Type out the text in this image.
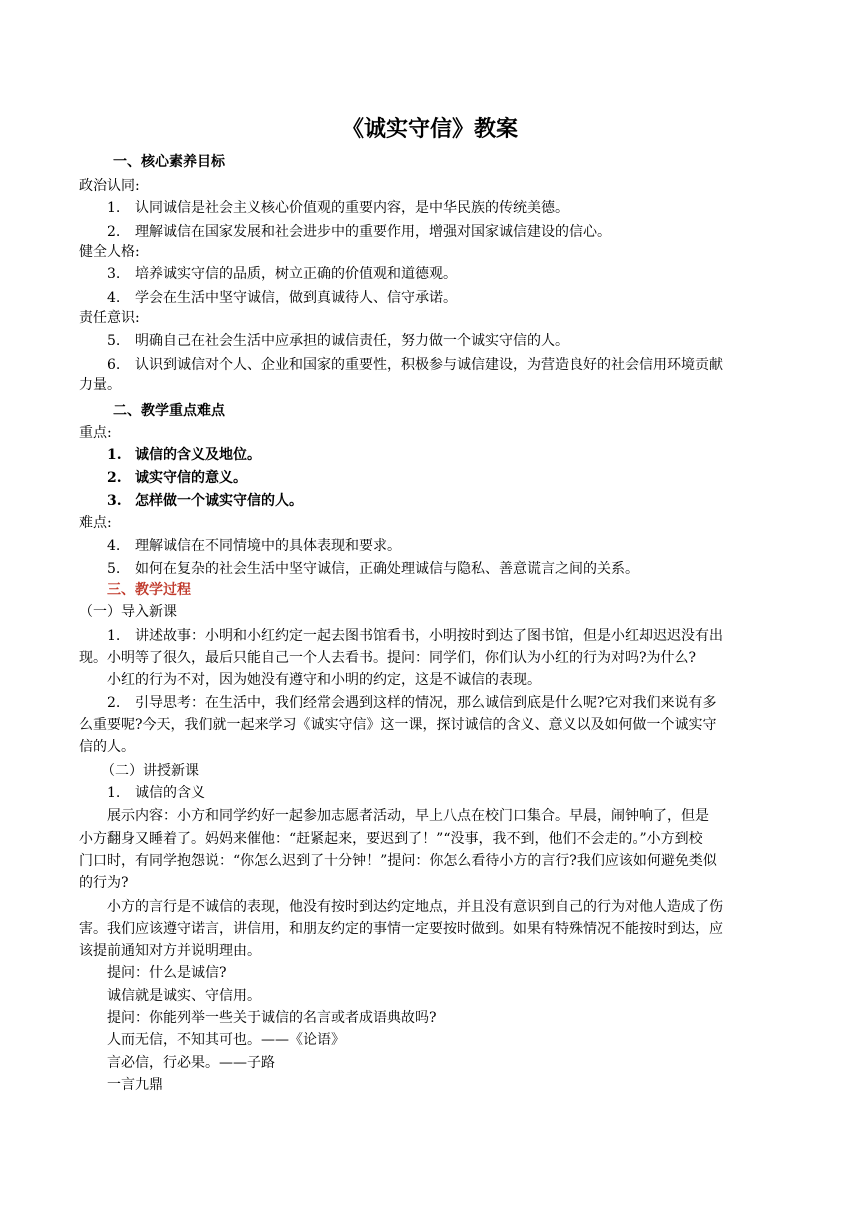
《诚实守信》教案
一、核心素养目标
政治认同:
1. 认同诚信是社会主义核心价值观的重要内容，是中华民族的传统美德。
2. 理解诚信在国家发展和社会进步中的重要作用，增强对国家诚信建设的信心。
健全人格:
3. 培养诚实守信的品质，树立正确的价值观和道德观。
4. 学会在生活中坚守诚信，做到真诚待人、信守承诺。
责任意识:
5. 明确自己在社会生活中应承担的诚信责任，努力做一个诚实守信的人。
6. 认识到诚信对个人、企业和国家的重要性，积极参与诚信建设，为营造良好的社会信用环境贡献
力量。
二、教学重点难点
重点:
1. 诚信的含义及地位。
2. 诚实守信的意义。
3. 怎样做一个诚实守信的人。
难点:
4. 理解诚信在不同情境中的具体表现和要求。
5. 如何在复杂的社会生活中坚守诚信，正确处理诚信与隐私、善意谎言之间的关系。
三、教学过程
（一）导入新课
1. 讲述故事：小明和小红约定一起去图书馆看书，小明按时到达了图书馆，但是小红却迟迟没有出
现。小明等了很久，最后只能自己一个人去看书。提问：同学们，你们认为小红的行为对吗?为什么?
小红的行为不对，因为她没有遵守和小明的约定，这是不诚信的表现。
2. 引导思考：在生活中，我们经常会遇到这样的情况，那么诚信到底是什么呢?它对我们来说有多
么重要呢?今天，我们就一起来学习《诚实守信》这一课，探讨诚信的含义、意义以及如何做一个诚实守
信的人。
（二）讲授新课
1. 诚信的含义
展示内容：小方和同学约好一起参加志愿者活动，早上八点在校门口集合。早晨，闹钟响了，但是
小方翻身又睡着了。妈妈来催他：“赶紧起来，要迟到了！”“没事，我不到，他们不会走的。”小方到校
门口时，有同学抱怨说：“你怎么迟到了十分钟！”提问：你怎么看待小方的言行?我们应该如何避免类似
的行为?
小方的言行是不诚信的表现，他没有按时到达约定地点，并且没有意识到自己的行为对他人造成了伤
害。我们应该遵守诺言，讲信用，和朋友约定的事情一定要按时做到。如果有特殊情况不能按时到达，应
该提前通知对方并说明理由。
提问：什么是诚信?
诚信就是诚实、守信用。
提问：你能列举一些关于诚信的名言或者成语典故吗?
人而无信，不知其可也。——《论语》
言必信，行必果。——子路
一言九鼎
